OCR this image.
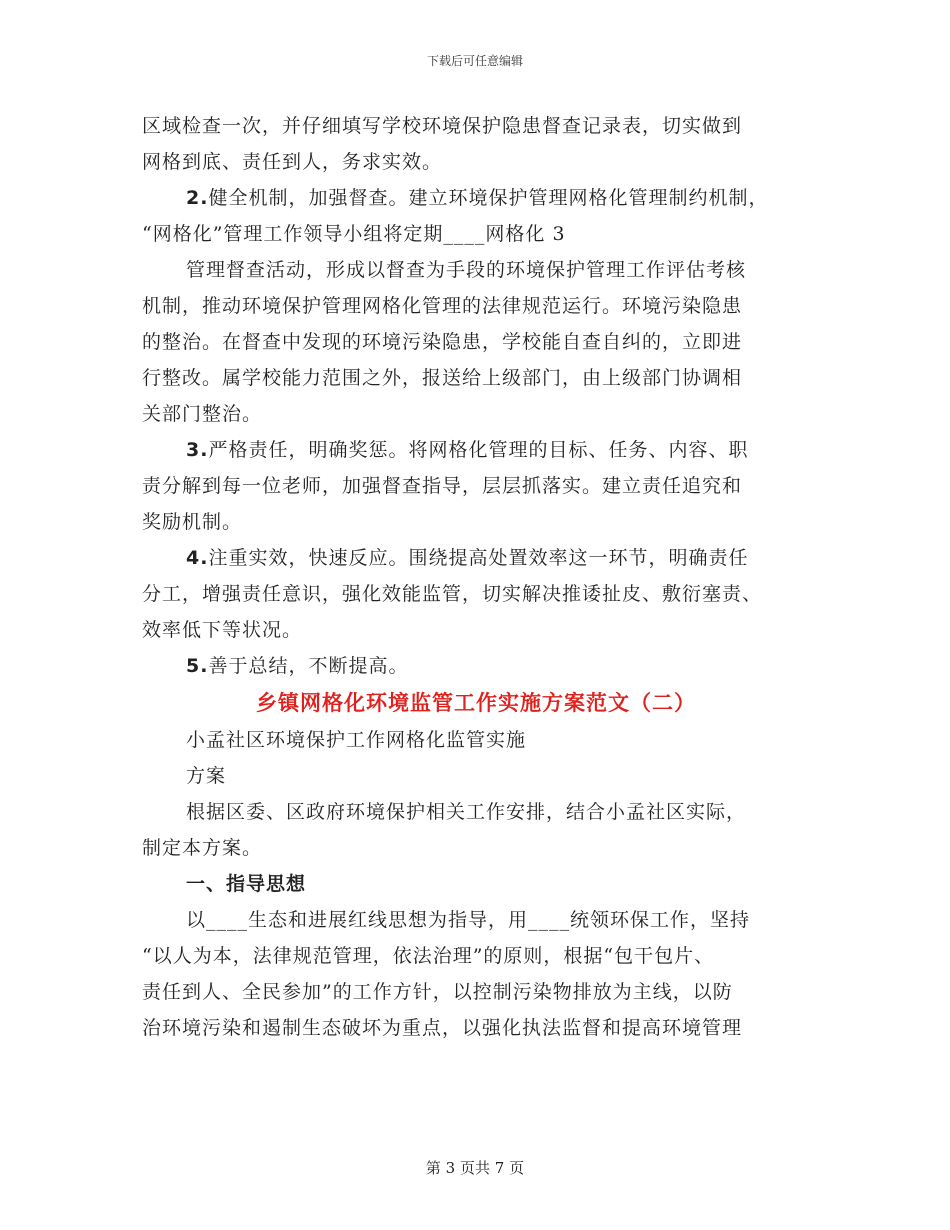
下载后可任意编辑

区域检查一次，并仔细填写学校环境保护隐患督查记录表，切实做到

网格到底、责任到人，务求实效。

2.健全机制，加强督查。建立环境保护管理网格化管理制约机制，

“网格化”管理工作领导小组将定期____网格化 3

管理督查活动，形成以督查为手段的环境保护管理工作评估考核

机制，推动环境保护管理网格化管理的法律规范运行。环境污染隐患

的整治。在督查中发现的环境污染隐患，学校能自查自纠的，立即进

行整改。属学校能力范围之外，报送给上级部门，由上级部门协调相

关部门整治。

3.严格责任，明确奖惩。将网格化管理的目标、任务、内容、职

责分解到每一位老师，加强督查指导，层层抓落实。建立责任追究和

奖励机制。

4.注重实效，快速反应。围绕提高处置效率这一环节，明确责任

分工，增强责任意识，强化效能监管，切实解决推诿扯皮、敷衍塞责、

效率低下等状况。

5.善于总结，不断提高。

乡镇网格化环境监管工作实施方案范文（二）

小孟社区环境保护工作网格化监管实施

方案

根据区委、区政府环境保护相关工作安排，结合小孟社区实际，

制定本方案。

一、指导思想

以____生态和进展红线思想为指导，用____统领环保工作，坚持

“以人为本，法律规范管理，依法治理”的原则，根据“包干包片、

责任到人、全民参加”的工作方针，以控制污染物排放为主线，以防

治环境污染和遏制生态破坏为重点，以强化执法监督和提高环境管理

第 3 页共 7 页
